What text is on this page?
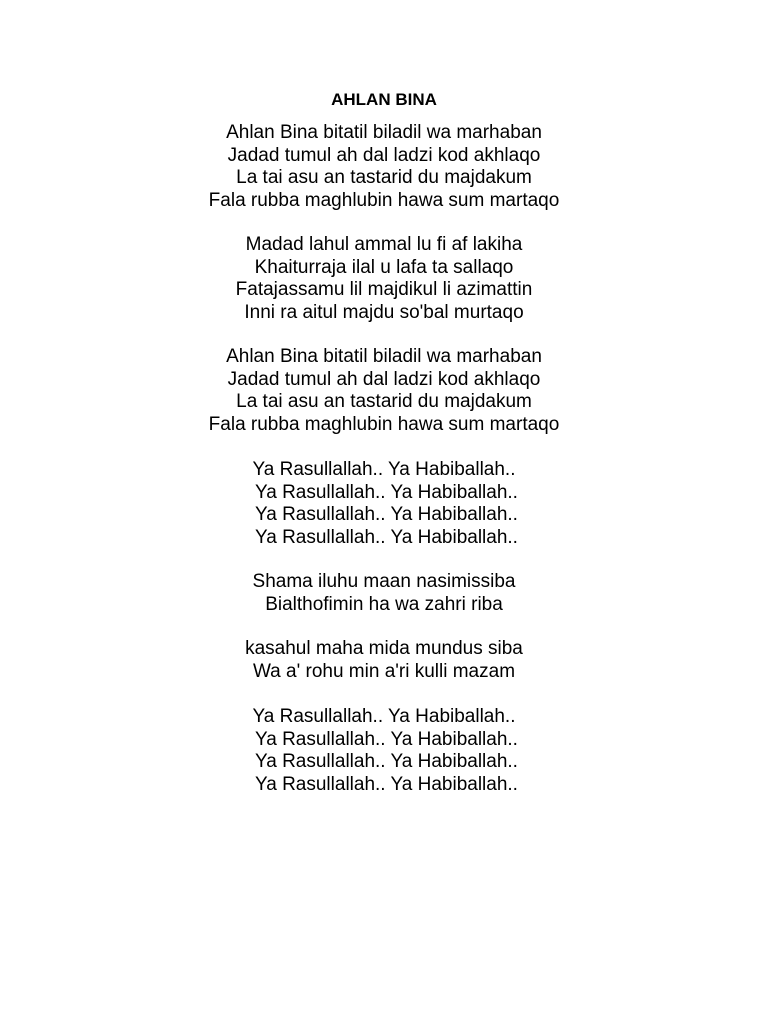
AHLAN BINA
Ahlan Bina bitatil biladil wa marhaban
Jadad tumul ah dal ladzi kod akhlaqo
La tai asu an tastarid du majdakum
Fala rubba maghlubin hawa sum martaqo
Madad lahul ammal lu fi af lakiha
Khaiturraja ilal u lafa ta sallaqo
Fatajassamu lil majdikul li azimattin
Inni ra aitul majdu so'bal murtaqo
Ahlan Bina bitatil biladil wa marhaban
Jadad tumul ah dal ladzi kod akhlaqo
La tai asu an tastarid du majdakum
Fala rubba maghlubin hawa sum martaqo
Ya Rasullallah.. Ya Habiballah..
Ya Rasullallah.. Ya Habiballah..
Ya Rasullallah.. Ya Habiballah..
Ya Rasullallah.. Ya Habiballah..
Shama iluhu maan nasimissiba
Bialthofimin ha wa zahri riba
kasahul maha mida mundus siba
Wa a' rohu min a'ri kulli mazam
Ya Rasullallah.. Ya Habiballah..
Ya Rasullallah.. Ya Habiballah..
Ya Rasullallah.. Ya Habiballah..
Ya Rasullallah.. Ya Habiballah..
